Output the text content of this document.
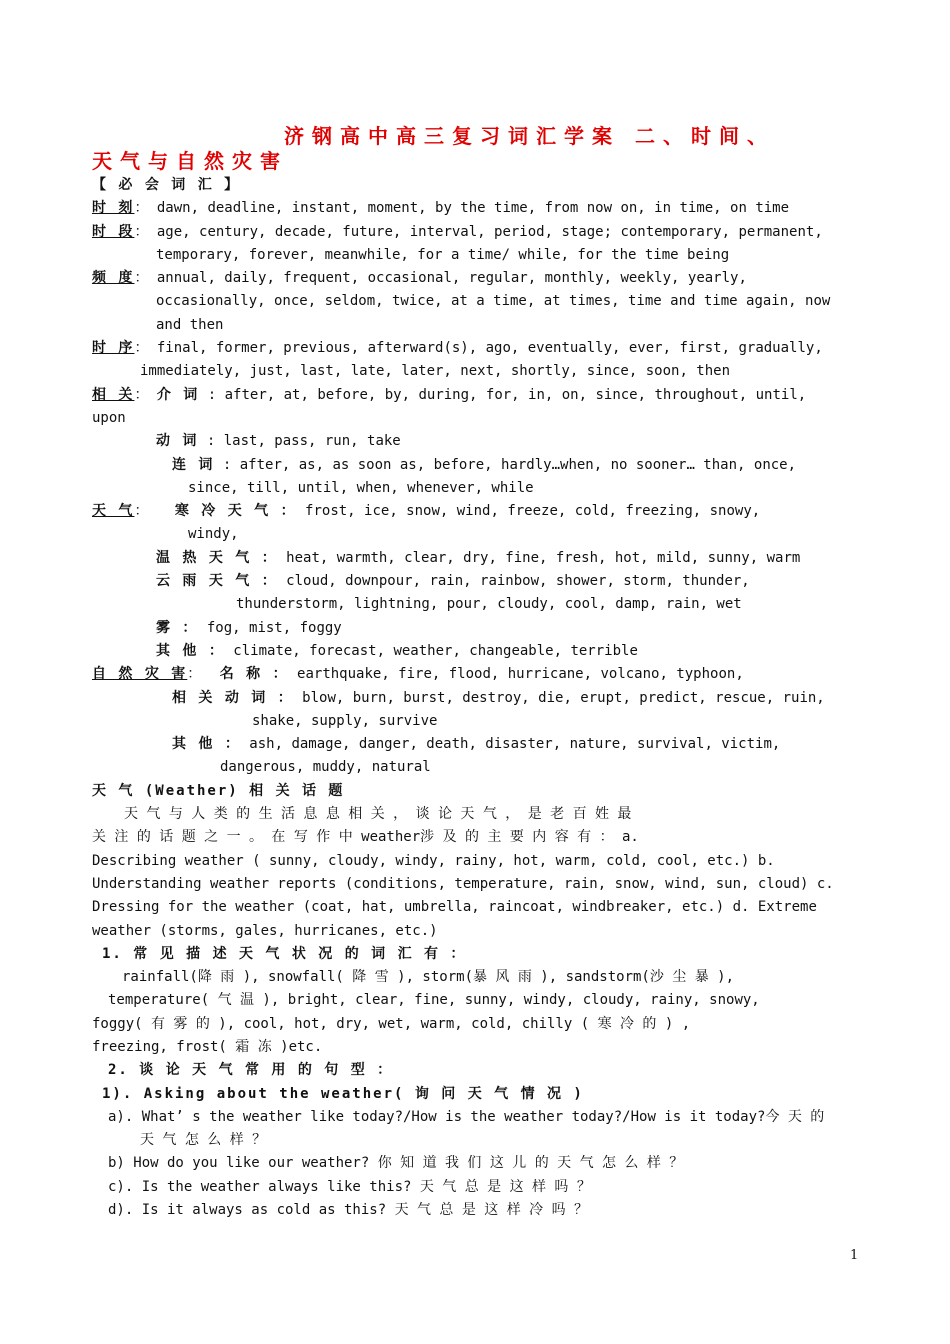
济钢高中高三复习词汇学案 二、时间、
天气与自然灾害
【 必 会 词 汇 】
时 刻： dawn, deadline, instant, moment, by the time, from now on, in time, on time
时 段： age, century, decade, future, interval, period, stage; contemporary, permanent,
temporary, forever, meanwhile, for a time/ while, for the time being
频 度： annual, daily, frequent, occasional, regular, monthly, weekly, yearly,
occasionally, once, seldom, twice, at a time, at times, time and time again, now
and then
时 序： final, former, previous, afterward(s), ago, eventually, ever, first, gradually,
immediately, just, last, late, later, next, shortly, since, soon, then
相 关： 介 词 : after, at, before, by, during, for, in, on, since, throughout, until,
upon
动 词 : last, pass, run, take
连 词 : after, as, as soon as, before, hardly…when, no sooner… than, once,
since, till, until, when, whenever, while
天 气： 寒 冷 天 气 ： frost, ice, snow, wind, freeze, cold, freezing, snowy,
windy,
温 热 天 气 ： heat, warmth, clear, dry, fine, fresh, hot, mild, sunny, warm
云 雨 天 气 ： cloud, downpour, rain, rainbow, shower, storm, thunder,
thunderstorm, lightning, pour, cloudy, cool, damp, rain, wet
雾 ： fog, mist, foggy
其 他 ： climate, forecast, weather, changeable, terrible
自 然 灾 害： 名 称 ： earthquake, fire, flood, hurricane, volcano, typhoon,
相 关 动 词 ： blow, burn, burst, destroy, die, erupt, predict, rescue, ruin,
shake, supply, survive
其 他 ： ash, damage, danger, death, disaster, nature, survival, victim,
dangerous, muddy, natural
天 气 (Weather) 相 关 话 题
天 气 与 人 类 的 生 活 息 息 相 关 ， 谈 论 天 气 ， 是 老 百 姓 最
关 注 的 话 题 之 一 。 在 写 作 中 weather涉 及 的 主 要 内 容 有 ： a.
Describing weather ( sunny, cloudy, windy, rainy, hot, warm, cold, cool, etc.) b.
Understanding weather reports (conditions, temperature, rain, snow, wind, sun, cloud) c.
Dressing for the weather (coat, hat, umbrella, raincoat, windbreaker, etc.) d. Extreme
weather (storms, gales, hurricanes, etc.)
1. 常 见 描 述 天 气 状 况 的 词 汇 有 ：
rainfall(降 雨 ), snowfall( 降 雪 ), storm(暴 风 雨 ), sandstorm(沙 尘 暴 ),
temperature( 气 温 ), bright, clear, fine, sunny, windy, cloudy, rainy, snowy,
foggy( 有 雾 的 ), cool, hot, dry, wet, warm, cold, chilly ( 寒 冷 的 ) ,
freezing, frost( 霜 冻 )etc.
2. 谈 论 天 气 常 用 的 句 型 ：
1). Asking about the weather( 询 问 天 气 情 况 )
a). What’ s the weather like today?/How is the weather today?/How is it today?今 天 的
天 气 怎 么 样 ？
b) How do you like our weather? 你 知 道 我 们 这 儿 的 天 气 怎 么 样 ？
c). Is the weather always like this? 天 气 总 是 这 样 吗 ？
d). Is it always as cold as this? 天 气 总 是 这 样 冷 吗 ？
1
